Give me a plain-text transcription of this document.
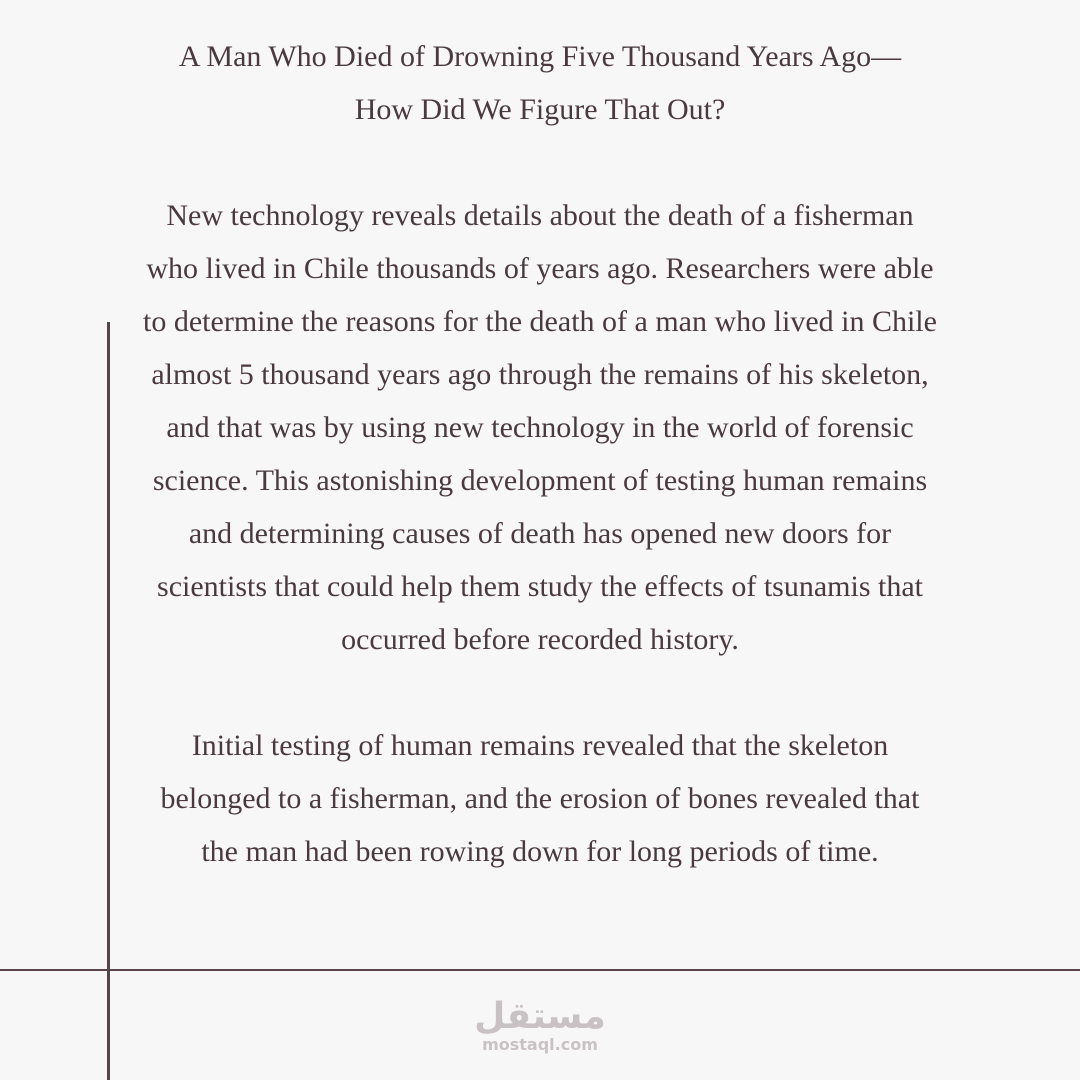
A Man Who Died of Drowning Five Thousand Years Ago—
How Did We Figure That Out?

New technology reveals details about the death of a fisherman who lived in Chile thousands of years ago. Researchers were able to determine the reasons for the death of a man who lived in Chile almost 5 thousand years ago through the remains of his skeleton, and that was by using new technology in the world of forensic science. This astonishing development of testing human remains and determining causes of death has opened new doors for scientists that could help them study the effects of tsunamis that occurred before recorded history.

Initial testing of human remains revealed that the skeleton belonged to a fisherman, and the erosion of bones revealed that the man had been rowing down for long periods of time.

مستقل
mostaql.com
